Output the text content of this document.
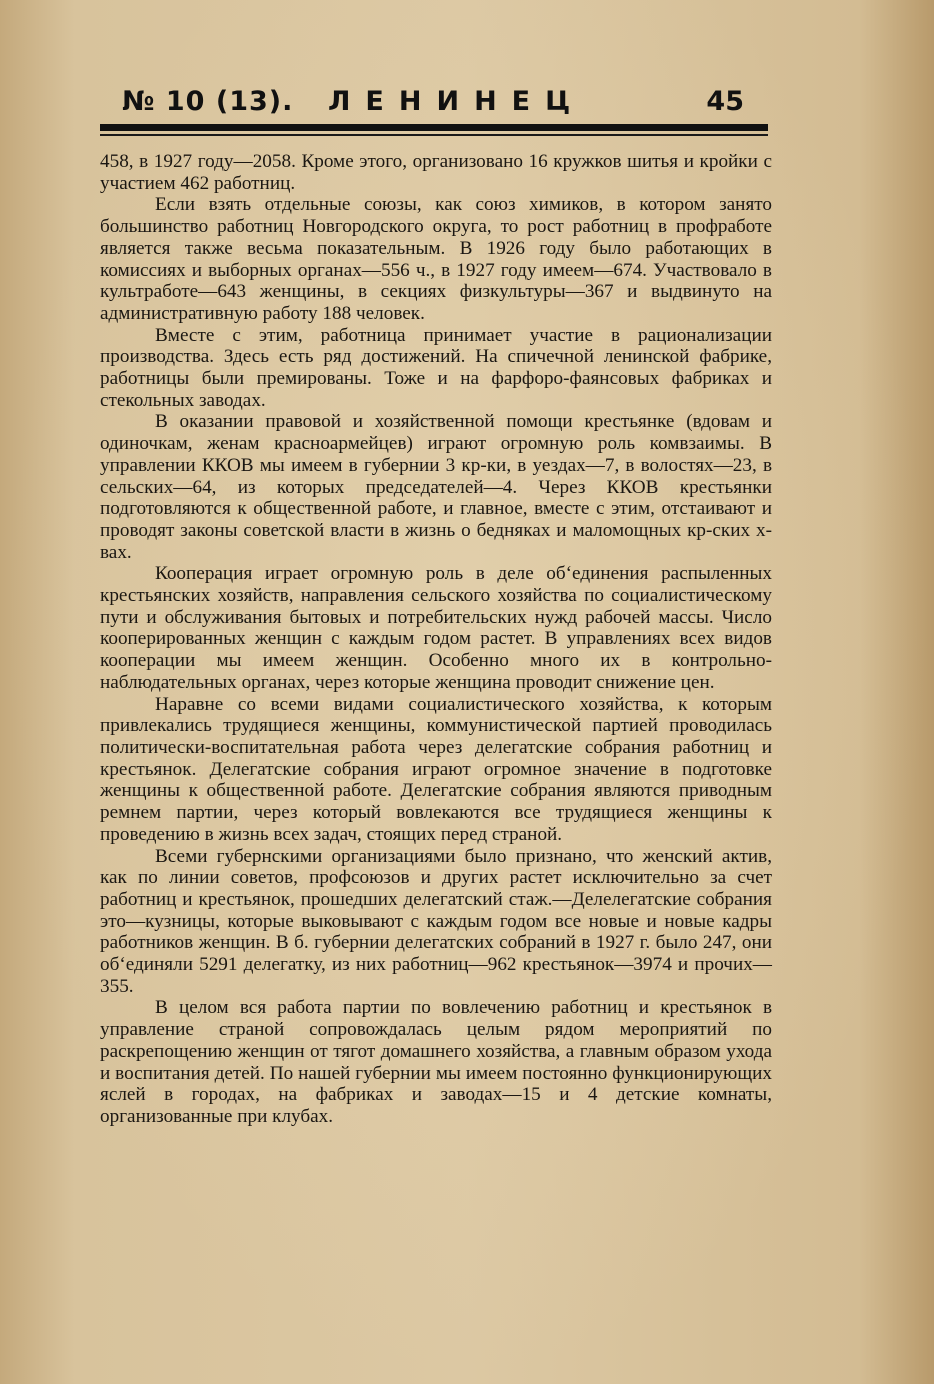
№ 10 (13). ЛЕНИНЕЦ	45

458, в 1927 году—2058. Кроме этого, организовано 16 кружков шитья и кройки с участием 462 работниц.

Если взять отдельные союзы, как союз химиков, в котором занято большинство работниц Новгородского округа, то рост работниц в профработе является также весьма показательным. В 1926 году было работающих в комиссиях и выборных органах—556 ч., в 1927 году имеем—674. Участвовало в культработе—643 женщины, в секциях физкультуры—367 и выдвинуто на административную работу 188 человек.

Вместе с этим, работница принимает участие в рационализации производства. Здесь есть ряд достижений. На спичечной ленинской фабрике, работницы были премированы. Тоже и на фарфоро-фаянсовых фабриках и стекольных заводах.

В оказании правовой и хозяйственной помощи крестьянке (вдовам и одиночкам, женам красноармейцев) играют огромную роль комвзаимы. В управлении ККОВ мы имеем в губернии 3 кр-ки, в уездах—7, в волостях—23, в сельских—64, из которых председателей—4. Через ККОВ крестьянки подготовляются к общественной работе, и главное, вместе с этим, отстаивают и проводят законы советской власти в жизнь о бедняках и маломощных кр-ских х-вах.

Кооперация играет огромную роль в деле об‘единения распыленных крестьянских хозяйств, направления сельского хозяйства по социалистическому пути и обслуживания бытовых и потребительских нужд рабочей массы. Число кооперированных женщин с каждым годом растет. В управлениях всех видов кооперации мы имеем женщин. Особенно много их в контрольно-наблюдательных органах, через которые женщина проводит снижение цен.

Наравне со всеми видами социалистического хозяйства, к которым привлекались трудящиеся женщины, коммунистической партией проводилась политически-воспитательная работа через делегатские собрания работниц и крестьянок. Делегатские собрания играют огромное значение в подготовке женщины к общественной работе. Делегатские собрания являются приводным ремнем партии, через который вовлекаются все трудящиеся женщины к проведению в жизнь всех задач, стоящих перед страной.

Всеми губернскими организациями было признано, что женский актив, как по линии советов, профсоюзов и других растет исключительно за счет работниц и крестьянок, прошедших делегатский стаж.—Делелегатские собрания это—кузницы, которые выковывают с каждым годом все новые и новые кадры работников женщин. В б. губернии делегатских собраний в 1927 г. было 247, они об‘единяли 5291 делегатку, из них работниц—962 крестьянок—3974 и прочих—355.

В целом вся работа партии по вовлечению работниц и крестьянок в управление страной сопровождалась целым рядом мероприятий по раскрепощению женщин от тягот домашнего хозяйства, а главным образом ухода и воспитания детей. По нашей губернии мы имеем постоянно функционирующих яслей в городах, на фабриках и заводах—15 и 4 детские комнаты, организованные при клубах.
